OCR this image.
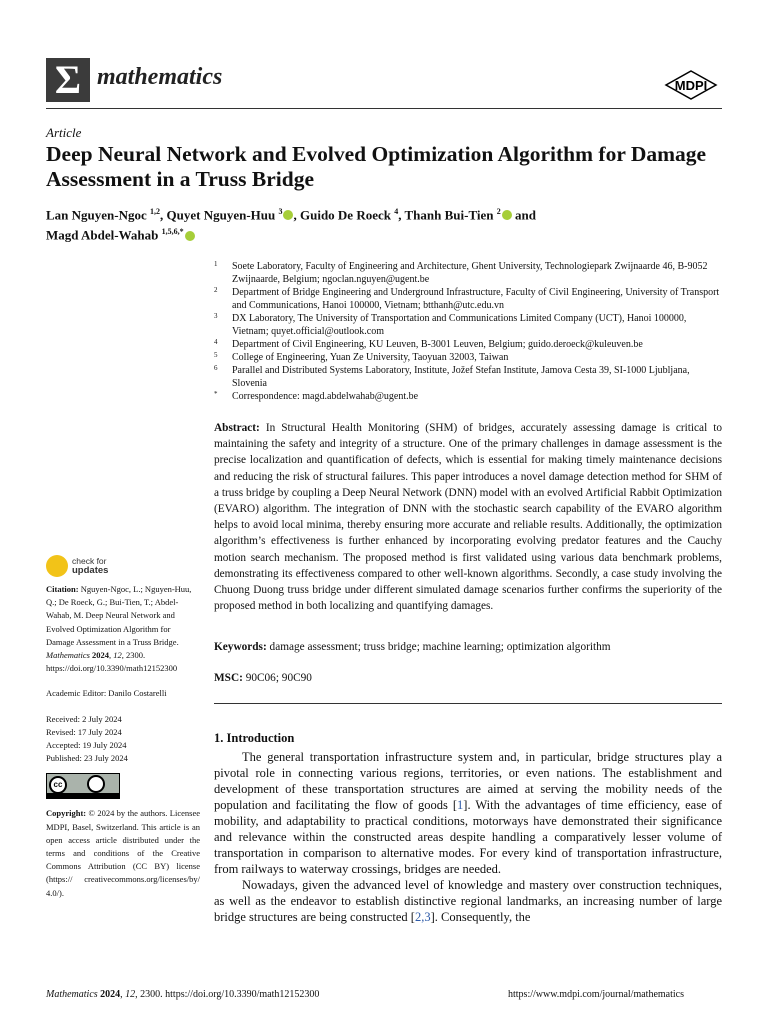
Σ mathematics	MDPI
Article
Deep Neural Network and Evolved Optimization Algorithm for Damage Assessment in a Truss Bridge
Lan Nguyen-Ngoc $^{1,2}$, Quyet Nguyen-Huu $^3$ , Guido De Roeck $^4$, Thanh Bui-Tien $^2$ and
Magd Abdel-Wahab $^{1,5,6,*}$
1	Soete Laboratory, Faculty of Engineering and Architecture, Ghent University, Technologiepark Zwijnaarde 46, B-9052 Zwijnaarde, Belgium; ngoclan.nguyen@ugent.be
2	Department of Bridge Engineering and Underground Infrastructure, Faculty of Civil Engineering, University of Transport and Communications, Hanoi 100000, Vietnam; btthanh@utc.edu.vn
3	DX Laboratory, The University of Transportation and Communications Limited Company (UCT), Hanoi 100000, Vietnam; quyet.official@outlook.com
4	Department of Civil Engineering, KU Leuven, B-3001 Leuven, Belgium; guido.deroeck@kuleuven.be
5	College of Engineering, Yuan Ze University, Taoyuan 32003, Taiwan
6	Parallel and Distributed Systems Laboratory, Institute, Jožef Stefan Institute, Jamova Cesta 39, SI-1000 Ljubljana, Slovenia
*	Correspondence: magd.abdelwahab@ugent.be
Abstract: In Structural Health Monitoring (SHM) of bridges, accurately assessing damage is critical to maintaining the safety and integrity of a structure. One of the primary challenges in damage assessment is the precise localization and quantification of defects, which is essential for making timely maintenance decisions and reducing the risk of structural failures. This paper introduces a novel damage detection method for SHM of a truss bridge by coupling a Deep Neural Network (DNN) model with an evolved Artificial Rabbit Optimization (EVARO) algorithm. The integration of DNN with the stochastic search capability of the EVARO algorithm helps to avoid local minima, thereby ensuring more accurate and reliable results. Additionally, the optimization algorithm’s effectiveness is further enhanced by incorporating evolving predator features and the Cauchy motion search mechanism. The proposed method is first validated using various data benchmark problems, demonstrating its effectiveness compared to other well-known algorithms. Secondly, a case study involving the Chuong Duong truss bridge under different simulated damage scenarios further confirms the superiority of the proposed method in both localizing and quantifying damages.
Keywords: damage assessment; truss bridge; machine learning; optimization algorithm
MSC: 90C06; 90C90
check for
updates

Citation: Nguyen-Ngoc, L.; Nguyen-Huu, Q.; De Roeck, G.; Bui-Tien, T.; Abdel-Wahab, M. Deep Neural Network and Evolved Optimization Algorithm for Damage Assessment in a Truss Bridge. Mathematics 2024, 12, 2300. https://doi.org/10.3390/math12152300

Academic Editor: Danilo Costarelli

Received: 2 July 2024

Revised: 17 July 2024

Accepted: 19 July 2024

Published: 23 July 2024

cc

Copyright: © 2024 by the authors. Licensee MDPI, Basel, Switzerland. This article is an open access article distributed under the terms and conditions of the Creative Commons Attribution (CC BY) license (https:// creativecommons.org/licenses/by/ 4.0/).

1. Introduction

The general transportation infrastructure system and, in particular, bridge structures play a pivotal role in connecting various regions, territories, or even nations. The establishment and development of these transportation structures are aimed at serving the mobility needs of the population and facilitating the flow of goods [1]. With the advantages of time efficiency, ease of mobility, and adaptability to practical conditions, motorways have demonstrated their significance and relevance within the constructed areas despite handling a comparatively lesser volume of transportation in comparison to alternative modes. For every kind of transportation infrastructure, from railways to waterway crossings, bridges are needed.

Nowadays, given the advanced level of knowledge and mastery over construction techniques, as well as the endeavor to establish distinctive regional landmarks, an increasing number of large bridge structures are being constructed [2,3]. Consequently, the

Mathematics 2024, 12, 2300. https://doi.org/10.3390/math12152300	https://www.mdpi.com/journal/mathematics
